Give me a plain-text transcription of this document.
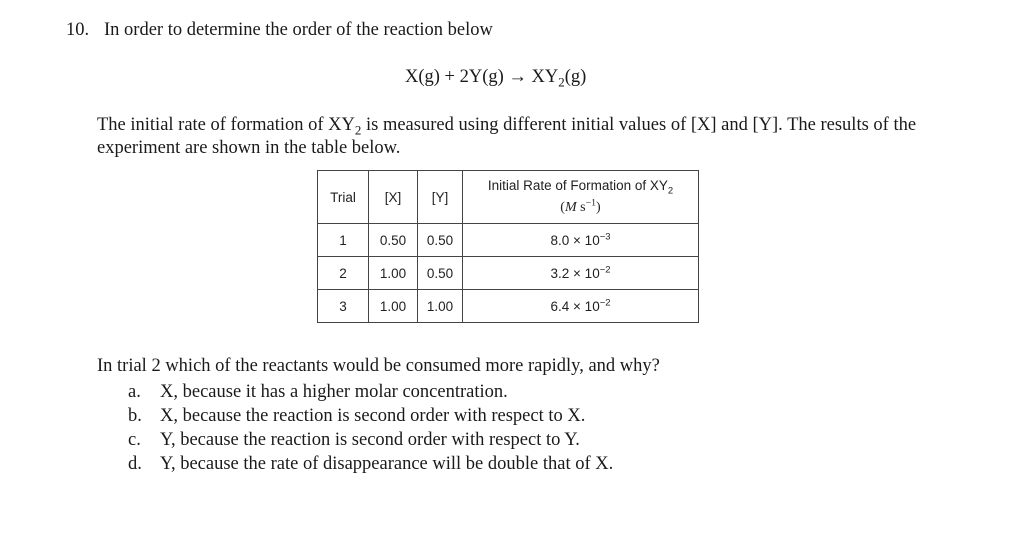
10. In order to determine the order of the reaction below
$X(g) + 2Y(g) \to XY_2(g)$
The initial rate of formation of $XY_2$ is measured using different initial values of [X] and [Y]. The results of the experiment are shown in the table below.
Trial	[X]	[Y]	Initial Rate of Formation of $XY_2$
(M $s^{-1}$)

1	0.50	0.50	$8.0 \times 10^{-3}$
2	1.00	0.50	$3.2 \times 10^{-2}$
3	1.00	1.00	$6.4 \times 10^{-2}$
In trial 2 which of the reactants would be consumed more rapidly, and why?
a. X, because it has a higher molar concentration.
b. X, because the reaction is second order with respect to X.
c. Y, because the reaction is second order with respect to Y.
d. Y, because the rate of disappearance will be double that of X.
